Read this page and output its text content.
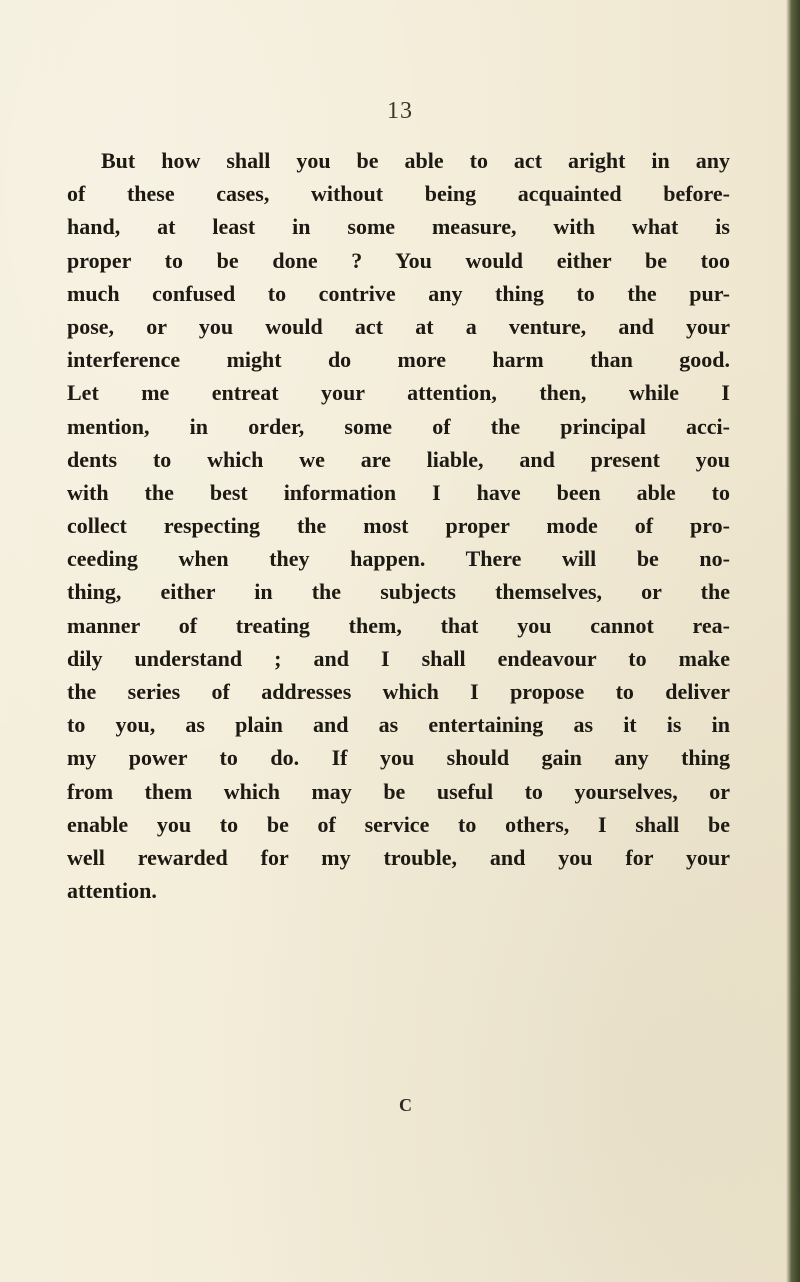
13
But how shall you be able to act aright in any
of these cases, without being acquainted before-
hand, at least in some measure, with what is
proper to be done ? You would either be too
much confused to contrive any thing to the pur-
pose, or you would act at a venture, and your
interference might do more harm than good.
Let me entreat your attention, then, while I
mention, in order, some of the principal acci-
dents to which we are liable, and present you
with the best information I have been able to
collect respecting the most proper mode of pro-
ceeding when they happen. There will be no-
thing, either in the subjects themselves, or the
manner of treating them, that you cannot rea-
dily understand ; and I shall endeavour to make
the series of addresses which I propose to deliver
to you, as plain and as entertaining as it is in
my power to do. If you should gain any thing
from them which may be useful to yourselves, or
enable you to be of service to others, I shall be
well rewarded for my trouble, and you for your
attention.
C
